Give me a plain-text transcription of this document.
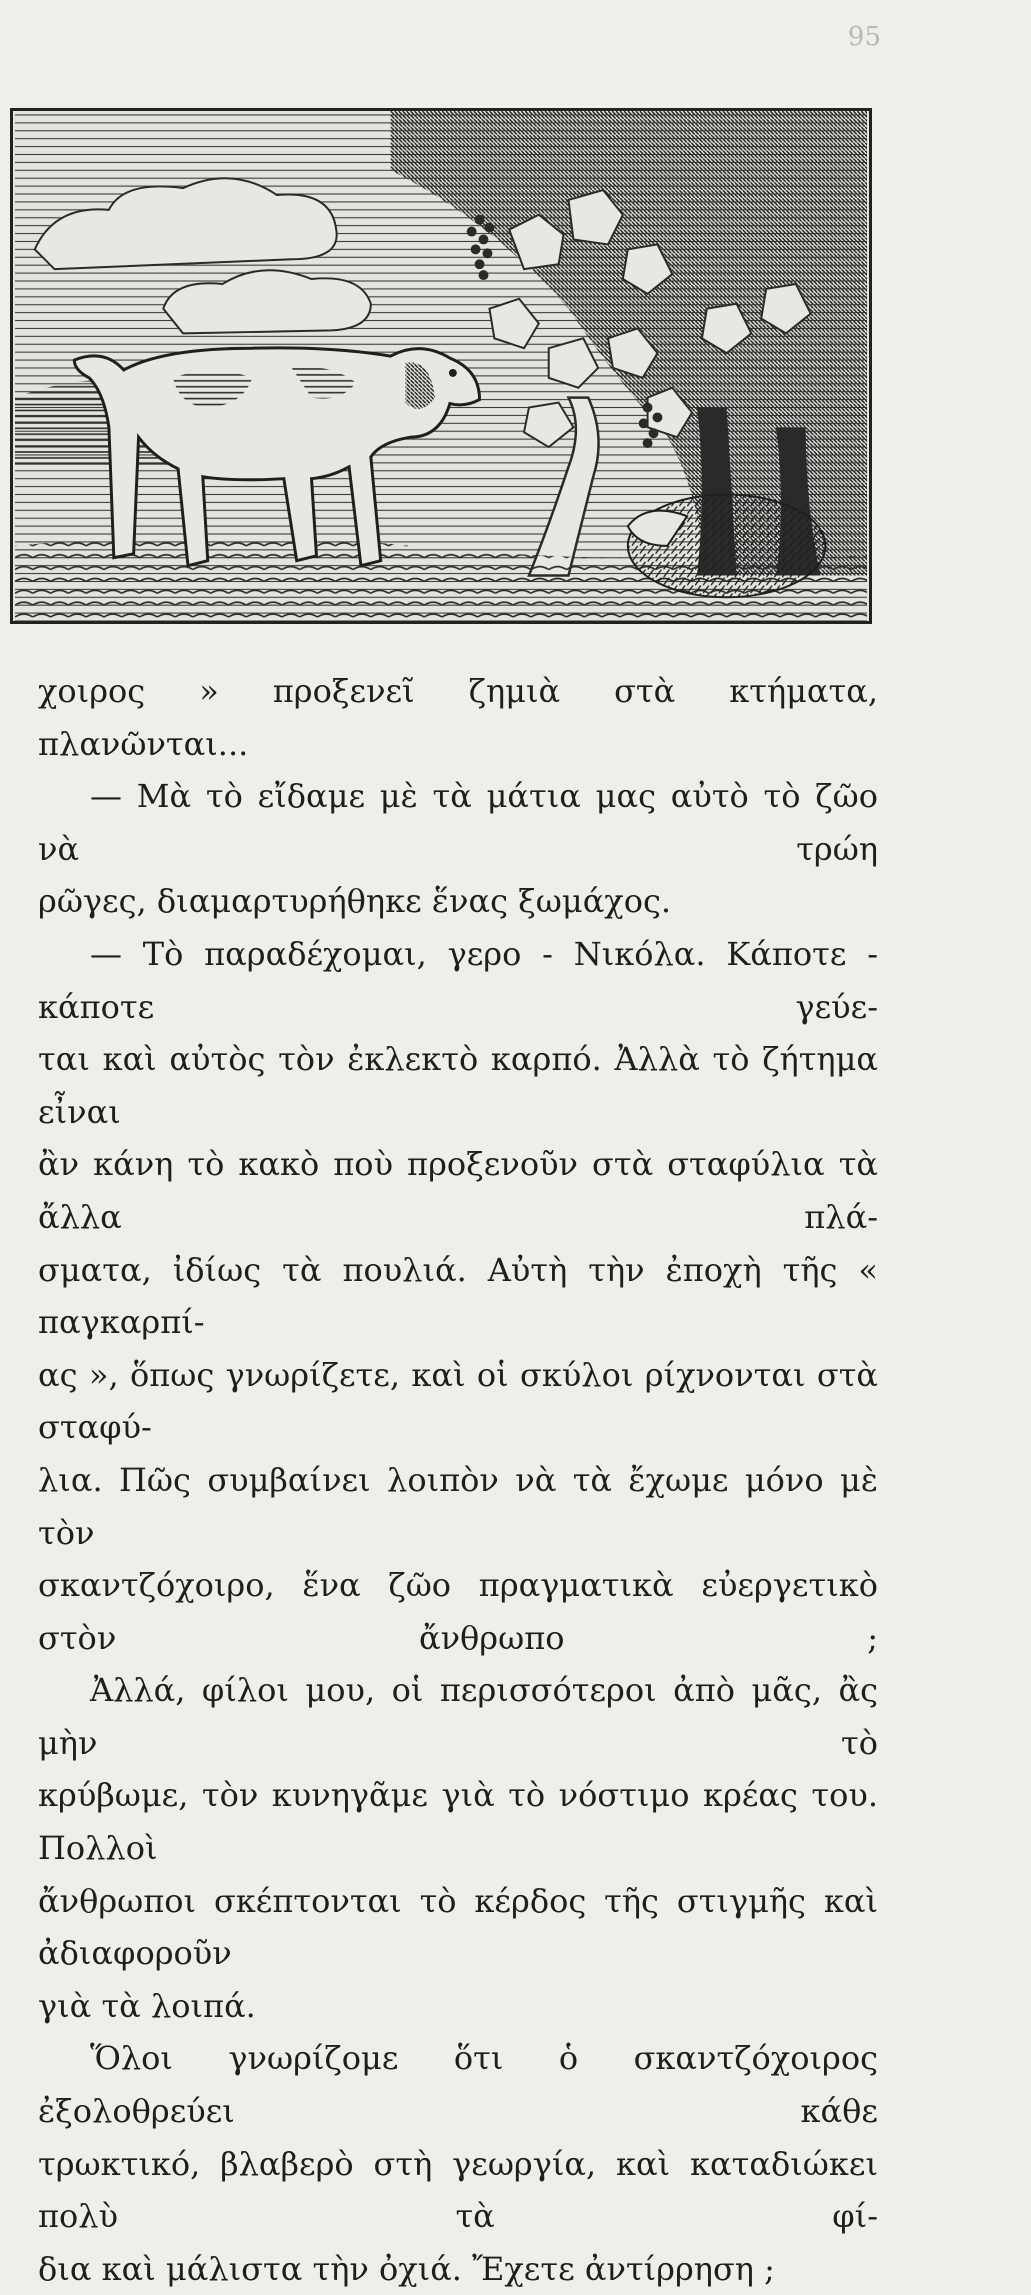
95

χοιρος » προξενεῖ ζημιὰ στὰ κτήματα, πλανῶνται...

— Μὰ τὸ εἴδαμε μὲ τὰ μάτια μας αὐτὸ τὸ ζῶο νὰ τρώη

ρῶγες, διαμαρτυρήθηκε ἕνας ξωμάχος.

— Τὸ παραδέχομαι, γερο - Νικόλα. Κάποτε - κάποτε γεύε-

ται καὶ αὐτὸς τὸν ἐκλεκτὸ καρπό. Ἀλλὰ τὸ ζήτημα εἶναι

ἂν κάνη τὸ κακὸ ποὺ προξενοῦν στὰ σταφύλια τὰ ἄλλα πλά-

σματα, ἰδίως τὰ πουλιά. Αὐτὴ τὴν ἐποχὴ τῆς « παγκαρπί-

ας », ὅπως γνωρίζετε, καὶ οἱ σκύλοι ρίχνονται στὰ σταφύ-

λια. Πῶς συμβαίνει λοιπὸν νὰ τὰ ἔχωμε μόνο μὲ τὸν

σκαντζόχοιρο, ἕνα ζῶο πραγματικὰ εὐεργετικὸ στὸν ἄνθρωπο ;

Ἀλλά, φίλοι μου, οἱ περισσότεροι ἀπὸ μᾶς, ἂς μὴν τὸ

κρύβωμε, τὸν κυνηγᾶμε γιὰ τὸ νόστιμο κρέας του. Πολλοὶ

ἄνθρωποι σκέπτονται τὸ κέρδος τῆς στιγμῆς καὶ ἀδιαφοροῦν

γιὰ τὰ λοιπά.

Ὅλοι γνωρίζομε ὅτι ὁ σκαντζόχοιρος ἐξολοθρεύει κάθε

τρωκτικό, βλαβερὸ στὴ γεωργία, καὶ καταδιώκει πολὺ τὰ φί-

δια καὶ μάλιστα τὴν ὀχιά. Ἔχετε ἀντίρρηση ;
